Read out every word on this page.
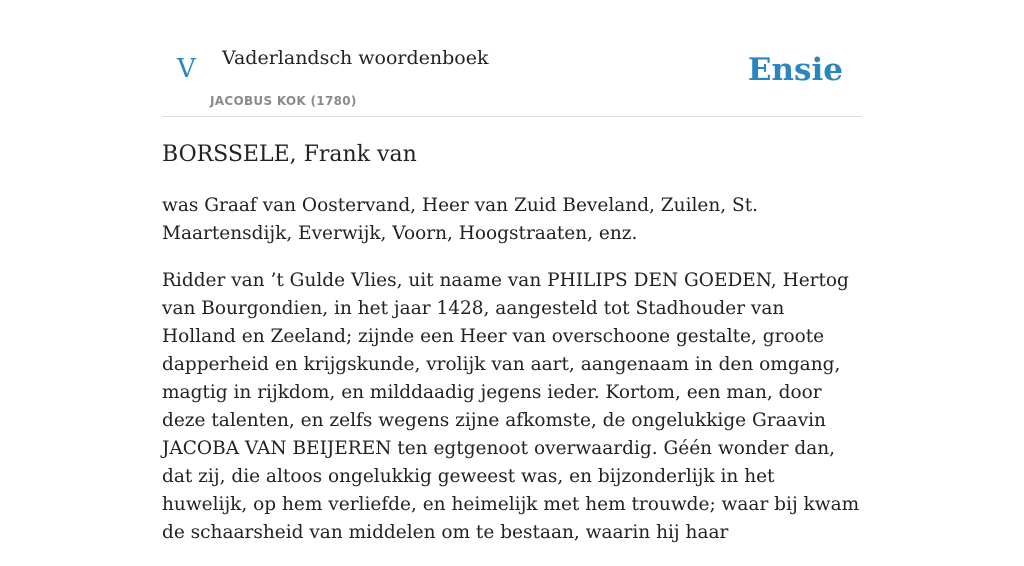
V Vaderlandsch woordenboek
JACOBUS KOK (1780)
Ensie
BORSSELE, Frank van

was Graaf van Oostervand, Heer van Zuid Beveland, Zuilen, St. Maartensdijk, Everwijk, Voorn, Hoogstraaten, enz.

Ridder van ’t Gulde Vlies, uit naame van PHILIPS DEN GOEDEN, Hertog van Bourgondien, in het jaar 1428, aangesteld tot Stadhouder van Holland en Zeeland; zijnde een Heer van overschoone gestalte, groote dapperheid en krijgskunde, vrolijk van aart, aangenaam in den omgang, magtig in rijkdom, en milddaadig jegens ieder. Kortom, een man, door deze talenten, en zelfs wegens zijne afkomste, de ongelukkige Graavin JACOBA VAN BEIJEREN ten egtgenoot overwaardig. Géén wonder dan, dat zij, die altoos ongelukkig geweest was, en bijzonderlijk in het huwelijk, op hem verliefde, en heimelijk met hem trouwde; waar bij kwam de schaarsheid van middelen om te bestaan, waarin hij haar
